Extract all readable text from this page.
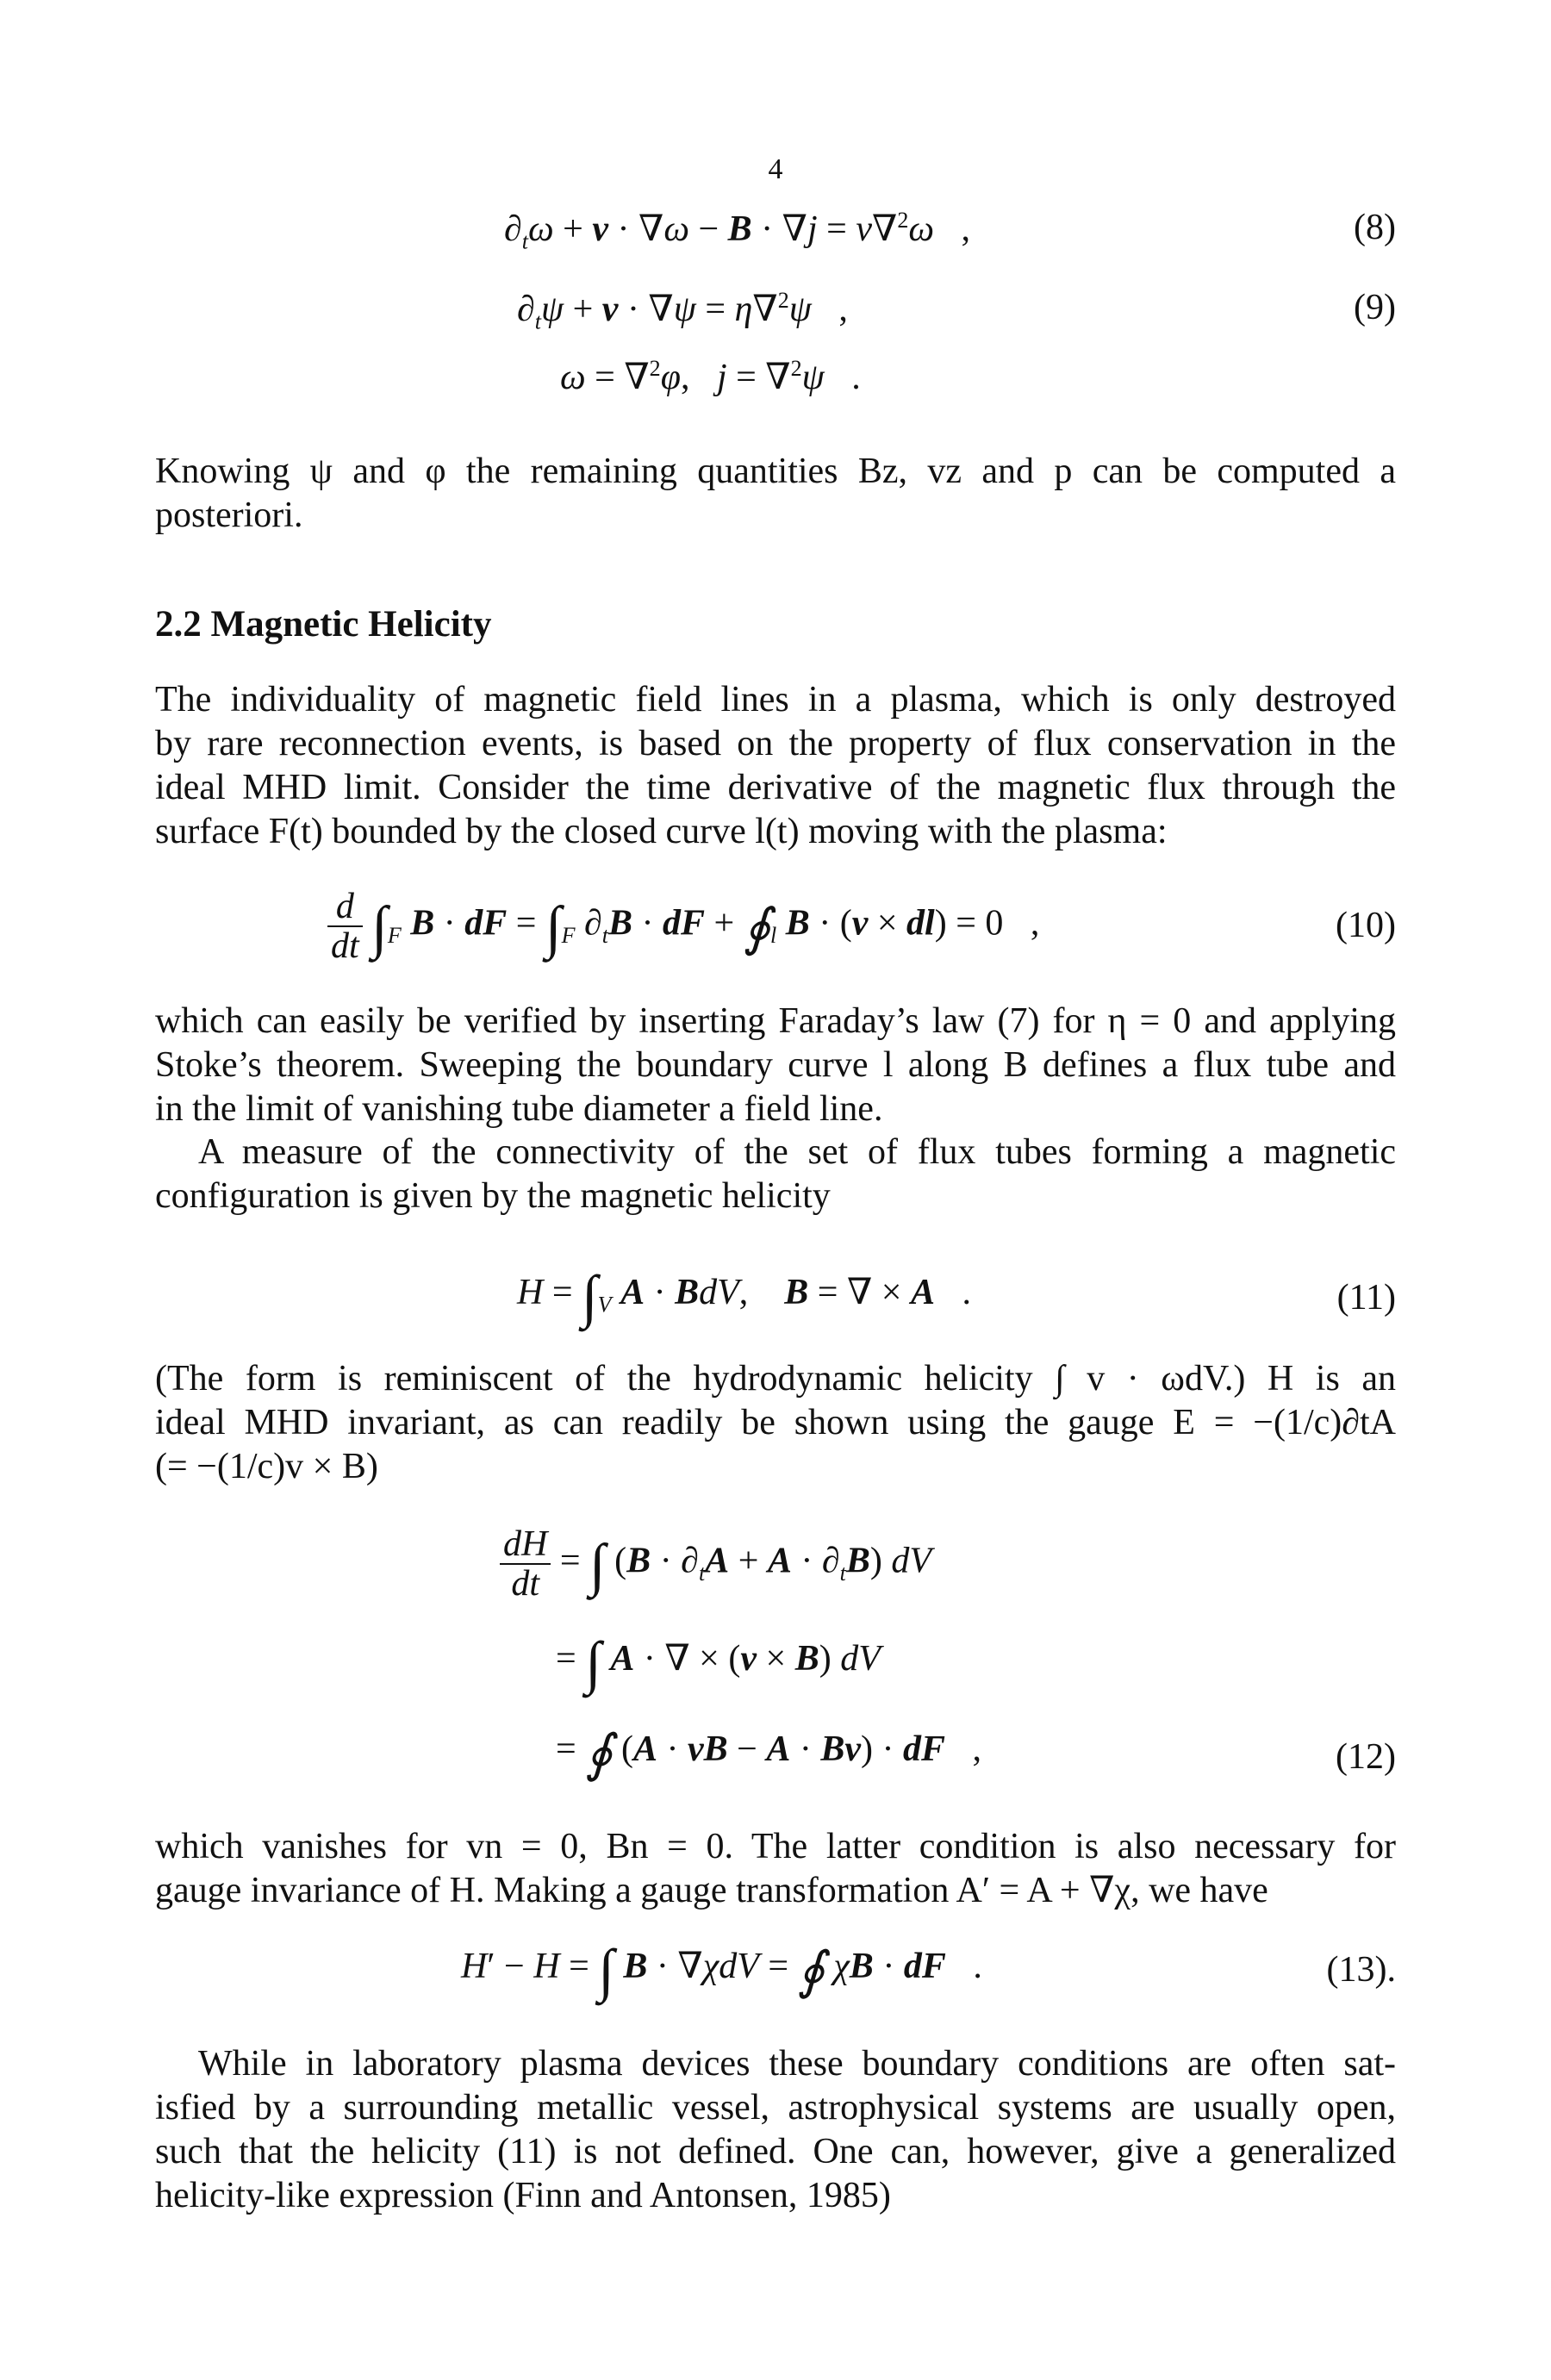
4
$\partial_t\omega + v \cdot \nabla\omega - B \cdot \nabla j = \nu\nabla^2\omega$   ,	(8)
$\partial_t\psi + v \cdot \nabla\psi = \eta\nabla^2\psi$   ,	(9)
ω = ∇$^2$φ,   j = ∇$^2$ψ   .
Knowing ψ and φ the remaining quantities Bz, vz and p can be computed a
posteriori.
2.2 Magnetic Helicity
The individuality of magnetic field lines in a plasma, which is only destroyed
by rare reconnection events, is based on the property of flux conservation in the
ideal MHD limit. Consider the time derivative of the magnetic flux through the
surface F(t) bounded by the closed curve l(t) moving with the plasma:
$\frac{d}{dt} \int_F$ B · dF = $\int_F$ $\partial_tB$ · dF + $∮_l$ B · (v × dl) = 0   ,	(10)
which can easily be verified by inserting Faraday’s law (7) for η = 0 and applying
Stoke’s theorem. Sweeping the boundary curve l along B defines a flux tube and
in the limit of vanishing tube diameter a field line.
A measure of the connectivity of the set of flux tubes forming a magnetic
configuration is given by the magnetic helicity
$H = \int_V$ A · BdV,    B = ∇ × A   .	(11)
(The form is reminiscent of the hydrodynamic helicity ∫ v · ωdV.) H is an
ideal MHD invariant, as can readily be shown using the gauge E = −(1/c)∂tA
(= −(1/c)v × B)
$\frac{dH}{dt}$ = ∫ $(B \cdot \partial_tA + A \cdot \partial_tB)$ dV
= ∫ A · ∇ × (v × B) dV
= ∮ (A · vB − A · Bv) · dF   ,	(12)
which vanishes for vn = 0, Bn = 0. The latter condition is also necessary for
gauge invariance of H. Making a gauge transformation A′ = A + ∇χ, we have
H′ − H = ∫ B · ∇χdV = ∮ χB · dF   .	(13).
While in laboratory plasma devices these boundary conditions are often sat-
isfied by a surrounding metallic vessel, astrophysical systems are usually open,
such that the helicity (11) is not defined. One can, however, give a generalized
helicity-like expression (Finn and Antonsen, 1985)
